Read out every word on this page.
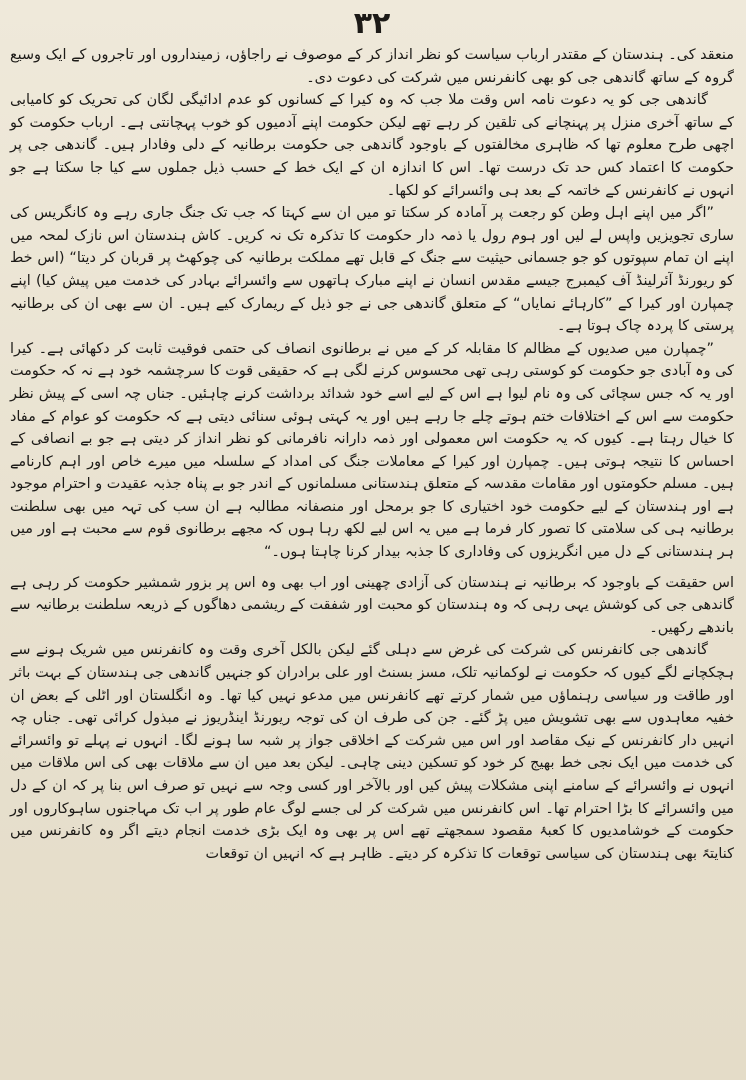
۳۲

منعقد کی۔ ہندستان کے مقتدر ارباب سیاست کو نظر انداز کر کے موصوف نے راجاؤں، زمینداروں اور تاجروں کے ایک وسیع گروہ کے ساتھ گاندھی جی کو بھی کانفرنس میں شرکت کی دعوت دی۔

گاندھی جی کو یہ دعوت نامہ اس وقت ملا جب کہ وہ کیرا کے کسانوں کو عدم ادائیگی لگان کی تحریک کو کامیابی کے ساتھ آخری منزل پر پہنچانے کی تلقین کر رہے تھے لیکن حکومت اپنے آدمیوں کو خوب پہچانتی ہے۔ ارباب حکومت کو اچھی طرح معلوم تھا کہ ظاہری مخالفتوں کے باوجود گاندھی جی حکومت برطانیہ کے دلی وفادار ہیں۔ گاندھی جی پر حکومت کا اعتماد کس حد تک درست تھا۔ اس کا اندازہ ان کے ایک خط کے حسب ذیل جملوں سے کیا جا سکتا ہے جو انہوں نے کانفرنس کے خاتمہ کے بعد ہی وائسرائے کو لکھا۔

”اگر میں اپنے اہل وطن کو رجعت پر آمادہ کر سکتا تو میں ان سے کہتا کہ جب تک جنگ جاری رہے وہ کانگریس کی ساری تجویزیں واپس لے لیں اور ہوم رول یا ذمہ دار حکومت کا تذکرہ تک نہ کریں۔ کاش ہندستان اس نازک لمحہ میں اپنے ان تمام سپوتوں کو جو جسمانی حیثیت سے جنگ کے قابل تھے مملکت برطانیہ کی چوکھٹ پر قربان کر دیتا“ (اس خط کو ریورنڈ آئرلینڈ آف کیمبرج جیسے مقدس انسان نے اپنے مبارک ہاتھوں سے وائسرائے بہادر کی خدمت میں پیش کیا) اپنے چمپارن اور کیرا کے ”کارہائے نمایاں“ کے متعلق گاندھی جی نے جو ذیل کے ریمارک کیے ہیں۔ ان سے بھی ان کی برطانیہ پرستی کا پردہ چاک ہوتا ہے۔

”چمپارن میں صدیوں کے مظالم کا مقابلہ کر کے میں نے برطانوی انصاف کی حتمی فوقیت ثابت کر دکھائی ہے۔ کیرا کی وہ آبادی جو حکومت کو کوستی رہی تھی محسوس کرنے لگی ہے کہ حقیقی قوت کا سرچشمہ خود ہے نہ کہ حکومت اور یہ کہ جس سچائی کی وہ نام لیوا ہے اس کے لیے اسے خود شدائد برداشت کرنے چاہئیں۔ جناں چہ اسی کے پیش نظر حکومت سے اس کے اختلافات ختم ہوتے چلے جا رہے ہیں اور یہ کہتی ہوئی سنائی دیتی ہے کہ حکومت کو عوام کے مفاد کا خیال رہتا ہے۔ کیوں کہ یہ حکومت اس معمولی اور ذمہ دارانہ نافرمانی کو نظر انداز کر دیتی ہے جو بے انصافی کے احساس کا نتیجہ ہوتی ہیں۔ چمپارن اور کیرا کے معاملات جنگ کی امداد کے سلسلہ میں میرے خاص اور اہم کارنامے ہیں۔ مسلم حکومتوں اور مقامات مقدسہ کے متعلق ہندستانی مسلمانوں کے اندر جو بے پناہ جذبہ عقیدت و احترام موجود ہے اور ہندستان کے لیے حکومت خود اختیاری کا جو برمحل اور منصفانہ مطالبہ ہے ان سب کی تہہ میں بھی سلطنت برطانیہ ہی کی سلامتی کا تصور کار فرما ہے میں یہ اس لیے لکھ رہا ہوں کہ مجھے برطانوی قوم سے محبت ہے اور میں ہر ہندستانی کے دل میں انگریزوں کی وفاداری کا جذبہ بیدار کرنا چاہتا ہوں۔“

اس حقیقت کے باوجود کہ برطانیہ نے ہندستان کی آزادی چھینی اور اب بھی وہ اس پر بزور شمشیر حکومت کر رہی ہے گاندھی جی کی کوشش یہی رہی کہ وہ ہندستان کو محبت اور شفقت کے ریشمی دھاگوں کے ذریعہ سلطنت برطانیہ سے باندھے رکھیں۔

گاندھی جی کانفرنس کی شرکت کی غرض سے دہلی گئے لیکن بالکل آخری وقت وہ کانفرنس میں شریک ہونے سے ہچکچانے لگے کیوں کہ حکومت نے لوکمانیہ تلک، مسز بسنٹ اور علی برادران کو جنہیں گاندھی جی ہندستان کے بہت باثر اور طاقت ور سیاسی رہنماؤں میں شمار کرتے تھے کانفرنس میں مدعو نہیں کیا تھا۔ وہ انگلستان اور اٹلی کے بعض ان خفیہ معاہدوں سے بھی تشویش میں پڑ گئے۔ جن کی طرف ان کی توجہ ریورنڈ اینڈریوز نے مبذول کرائی تھی۔ جناں چہ انہیں دار کانفرنس کے نیک مقاصد اور اس میں شرکت کے اخلاقی جواز پر شبہ سا ہونے لگا۔ انہوں نے پہلے تو وائسرائے کی خدمت میں ایک نجی خط بھیج کر خود کو تسکین دینی چاہی۔ لیکن بعد میں ان سے ملاقات بھی کی اس ملاقات میں انہوں نے وائسرائے کے سامنے اپنی مشکلات پیش کیں اور بالآخر اور کسی وجہ سے نہیں تو صرف اس بنا پر کہ ان کے دل میں وائسرائے کا بڑا احترام تھا۔ اس کانفرنس میں شرکت کر لی جسے لوگ عام طور پر اب تک مہاجنوں ساہوکاروں اور حکومت کے خوشامدیوں کا کعبۂ مقصود سمجھتے تھے اس پر بھی وہ ایک بڑی خدمت انجام دیتے اگر وہ کانفرنس میں کنایتہً بھی ہندستان کی سیاسی توقعات کا تذکرہ کر دیتے۔ ظاہر ہے کہ انہیں ان توقعات
